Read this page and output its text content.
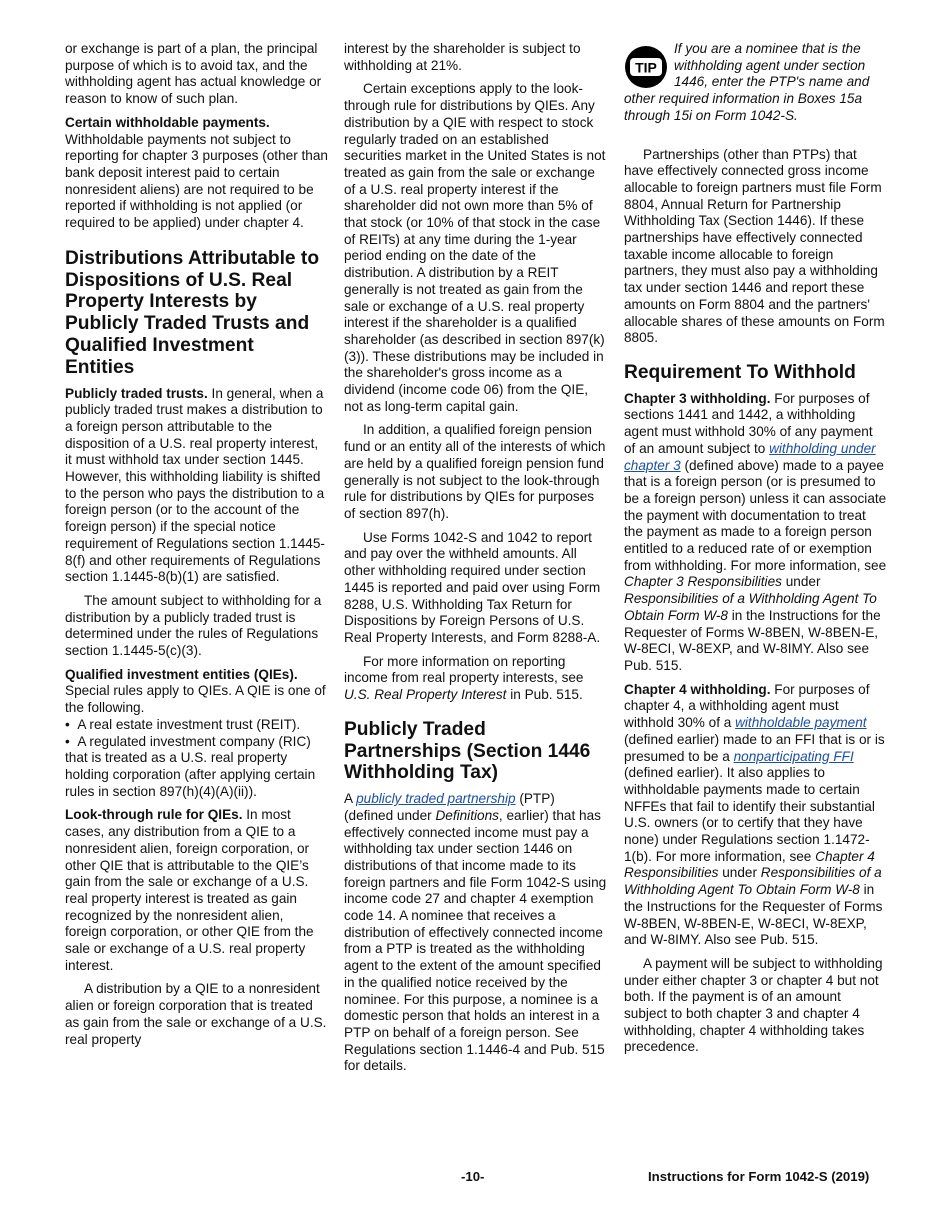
or exchange is part of a plan, the principal purpose of which is to avoid tax, and the withholding agent has actual knowledge or reason to know of such plan.

Certain withholdable payments. Withholdable payments not subject to reporting for chapter 3 purposes (other than bank deposit interest paid to certain nonresident aliens) are not required to be reported if withholding is not applied (or required to be applied) under chapter 4.

Distributions Attributable to Dispositions of U.S. Real Property Interests by Publicly Traded Trusts and Qualified Investment Entities

Publicly traded trusts. In general, when a publicly traded trust makes a distribution to a foreign person attributable to the disposition of a U.S. real property interest, it must withhold tax under section 1445. However, this withholding liability is shifted to the person who pays the distribution to a foreign person (or to the account of the foreign person) if the special notice requirement of Regulations section 1.1445-8(f) and other requirements of Regulations section 1.1445-8(b)(1) are satisfied.

The amount subject to withholding for a distribution by a publicly traded trust is determined under the rules of Regulations section 1.1445-5(c)(3).

Qualified investment entities (QIEs). Special rules apply to QIEs. A QIE is one of the following.

• A real estate investment trust (REIT).

• A regulated investment company (RIC) that is treated as a U.S. real property holding corporation (after applying certain rules in section 897(h)(4)(A)(ii)).

Look-through rule for QIEs. In most cases, any distribution from a QIE to a nonresident alien, foreign corporation, or other QIE that is attributable to the QIE’s gain from the sale or exchange of a U.S. real property interest is treated as gain recognized by the nonresident alien, foreign corporation, or other QIE from the sale or exchange of a U.S. real property interest.

A distribution by a QIE to a nonresident alien or foreign corporation that is treated as gain from the sale or exchange of a U.S. real property

interest by the shareholder is subject to withholding at 21%.

Certain exceptions apply to the look-through rule for distributions by QIEs. Any distribution by a QIE with respect to stock regularly traded on an established securities market in the United States is not treated as gain from the sale or exchange of a U.S. real property interest if the shareholder did not own more than 5% of that stock (or 10% of that stock in the case of REITs) at any time during the 1-year period ending on the date of the distribution. A distribution by a REIT generally is not treated as gain from the sale or exchange of a U.S. real property interest if the shareholder is a qualified shareholder (as described in section 897(k)(3)). These distributions may be included in the shareholder's gross income as a dividend (income code 06) from the QIE, not as long-term capital gain.

In addition, a qualified foreign pension fund or an entity all of the interests of which are held by a qualified foreign pension fund generally is not subject to the look-through rule for distributions by QIEs for purposes of section 897(h).

Use Forms 1042-S and 1042 to report and pay over the withheld amounts. All other withholding required under section 1445 is reported and paid over using Form 8288, U.S. Withholding Tax Return for Dispositions by Foreign Persons of U.S. Real Property Interests, and Form 8288-A.

For more information on reporting income from real property interests, see U.S. Real Property Interest in Pub. 515.

Publicly Traded Partnerships (Section 1446 Withholding Tax)

A publicly traded partnership (PTP) (defined under Definitions, earlier) that has effectively connected income must pay a withholding tax under section 1446 on distributions of that income made to its foreign partners and file Form 1042-S using income code 27 and chapter 4 exemption code 14. A nominee that receives a distribution of effectively connected income from a PTP is treated as the withholding agent to the extent of the amount specified in the qualified notice received by the nominee. For this purpose, a nominee is a domestic person that holds an interest in a PTP on behalf of a foreign person. See Regulations section 1.1446-4 and Pub. 515 for details.

TIP
If you are a nominee that is the withholding agent under section 1446, enter the PTP's name and other required information in Boxes 15a through 15i on Form 1042-S.

Partnerships (other than PTPs) that have effectively connected gross income allocable to foreign partners must file Form 8804, Annual Return for Partnership Withholding Tax (Section 1446). If these partnerships have effectively connected taxable income allocable to foreign partners, they must also pay a withholding tax under section 1446 and report these amounts on Form 8804 and the partners' allocable shares of these amounts on Form 8805.

Requirement To Withhold

Chapter 3 withholding. For purposes of sections 1441 and 1442, a withholding agent must withhold 30% of any payment of an amount subject to withholding under chapter 3 (defined above) made to a payee that is a foreign person (or is presumed to be a foreign person) unless it can associate the payment with documentation to treat the payment as made to a foreign person entitled to a reduced rate of or exemption from withholding. For more information, see Chapter 3 Responsibilities under Responsibilities of a Withholding Agent To Obtain Form W-8 in the Instructions for the Requester of Forms W-8BEN, W-8BEN-E, W-8ECI, W-8EXP, and W-8IMY. Also see Pub. 515.

Chapter 4 withholding. For purposes of chapter 4, a withholding agent must withhold 30% of a withholdable payment (defined earlier) made to an FFI that is or is presumed to be a nonparticipating FFI (defined earlier). It also applies to withholdable payments made to certain NFFEs that fail to identify their substantial U.S. owners (or to certify that they have none) under Regulations section 1.1472-1(b). For more information, see Chapter 4 Responsibilities under Responsibilities of a Withholding Agent To Obtain Form W-8 in the Instructions for the Requester of Forms W-8BEN, W-8BEN-E, W-8ECI, W-8EXP, and W-8IMY. Also see Pub. 515.

A payment will be subject to withholding under either chapter 3 or chapter 4 but not both. If the payment is of an amount subject to both chapter 3 and chapter 4 withholding, chapter 4 withholding takes precedence.

-10-	Instructions for Form 1042-S (2019)
